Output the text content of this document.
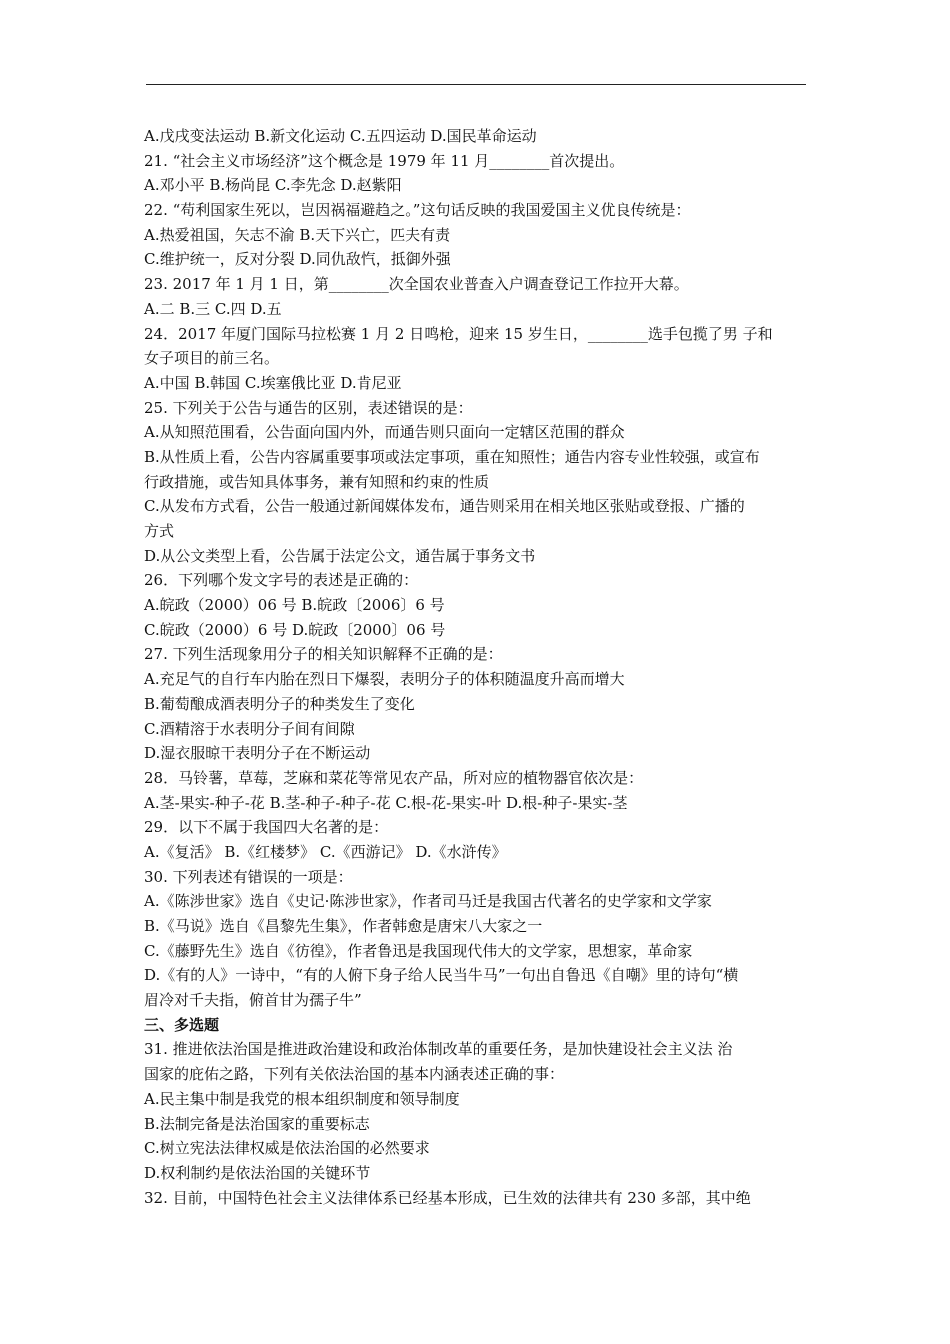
A.戊戌变法运动 B.新文化运动 C.五四运动 D.国民革命运动
21. “社会主义市场经济”这个概念是 1979 年 11 月________首次提出。
A.邓小平 B.杨尚昆 C.李先念 D.赵紫阳
22. “苟利国家生死以，岂因祸福避趋之。”这句话反映的我国爱国主义优良传统是：
A.热爱祖国，矢志不渝 B.天下兴亡，匹夫有责
C.维护统一，反对分裂 D.同仇敌忾，抵御外强
23. 2017 年 1 月 1 日，第________次全国农业普查入户调查登记工作拉开大幕。
A.二 B.三 C.四 D.五
24．2017 年厦门国际马拉松赛 1 月 2 日鸣枪，迎来 15 岁生日，________选手包揽了男 子和
女子项目的前三名。
A.中国 B.韩国 C.埃塞俄比亚 D.肯尼亚
25. 下列关于公告与通告的区别，表述错误的是：
A.从知照范围看，公告面向国内外，而通告则只面向一定辖区范围的群众
B.从性质上看，公告内容属重要事项或法定事项，重在知照性；通告内容专业性较强，或宣布
行政措施，或告知具体事务，兼有知照和约束的性质
C.从发布方式看，公告一般通过新闻媒体发布，通告则采用在相关地区张贴或登报、广播的
方式
D.从公文类型上看，公告属于法定公文，通告属于事务文书
26．下列哪个发文字号的表述是正确的：
A.皖政（2000）06 号 B.皖政〔2006〕6 号
C.皖政（2000）6 号 D.皖政〔2000〕06 号
27. 下列生活现象用分子的相关知识解释不正确的是：
A.充足气的自行车内胎在烈日下爆裂，表明分子的体积随温度升高而增大
B.葡萄酿成酒表明分子的种类发生了变化
C.酒精溶于水表明分子间有间隙
D.湿衣服晾干表明分子在不断运动
28．马铃薯，草莓，芝麻和菜花等常见农产品，所对应的植物器官依次是：
A.茎-果实-种子-花 B.茎-种子-种子-花 C.根-花-果实-叶 D.根-种子-果实-茎
29．以下不属于我国四大名著的是：
A.《复活》 B.《红楼梦》 C.《西游记》 D.《水浒传》
30. 下列表述有错误的一项是：
A.《陈涉世家》选自《史记·陈涉世家》，作者司马迁是我国古代著名的史学家和文学家
B.《马说》选自《昌黎先生集》，作者韩愈是唐宋八大家之一
C.《藤野先生》选自《彷徨》，作者鲁迅是我国现代伟大的文学家，思想家，革命家
D.《有的人》一诗中，“有的人俯下身子给人民当牛马”一句出自鲁迅《自嘲》里的诗句“横
眉冷对千夫指，俯首甘为孺子牛”
三、多选题
31. 推进依法治国是推进政治建设和政治体制改革的重要任务，是加快建设社会主义法 治
国家的庇佑之路，下列有关依法治国的基本内涵表述正确的事：
A.民主集中制是我党的根本组织制度和领导制度
B.法制完备是法治国家的重要标志
C.树立宪法法律权威是依法治国的必然要求
D.权利制约是依法治国的关键环节
32. 目前，中国特色社会主义法律体系已经基本形成，已生效的法律共有 230 多部，其中绝
